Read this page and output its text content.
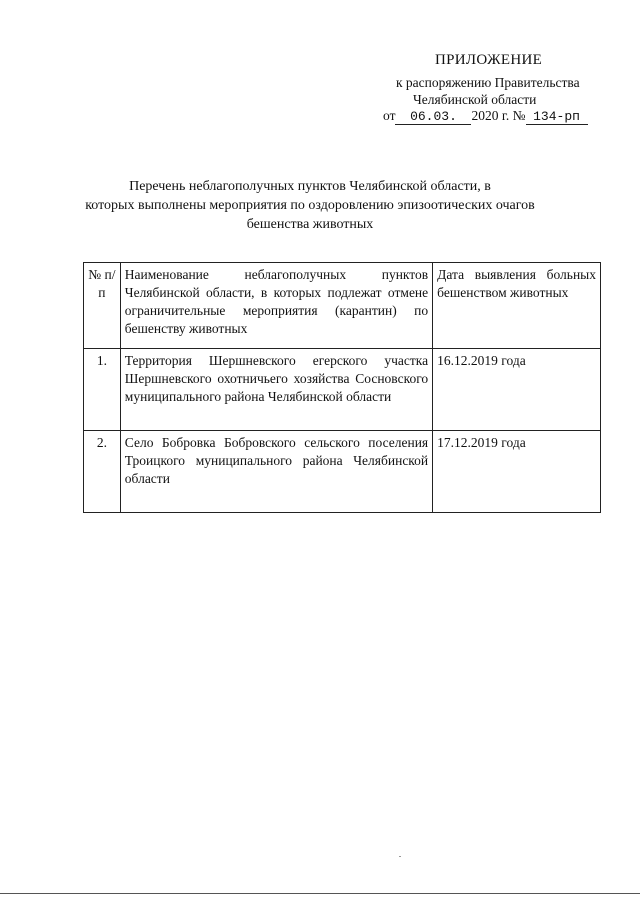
ПРИЛОЖЕНИЕ
к распоряжению Правительства
Челябинской области
от 06.03. 2020 г. № 134-рп
Перечень неблагополучных пунктов Челябинской области, в
которых выполнены мероприятия по оздоровлению эпизоотических очагов
бешенства животных
№ п/п	Наименование неблагополучных пунктов Челябинской области, в которых подлежат отмене ограничительные мероприятия (карантин) по бешенству животных	Дата выявления больных бешенством животных
1.	Территория Шершневского егерского участка Шершневского охотничьего хозяйства Сосновского муниципального района Челябинской области	16.12.2019 года
2.	Село Бобровка Бобровского сельского поселения Троицкого муниципального района Челябинской области	17.12.2019 года
